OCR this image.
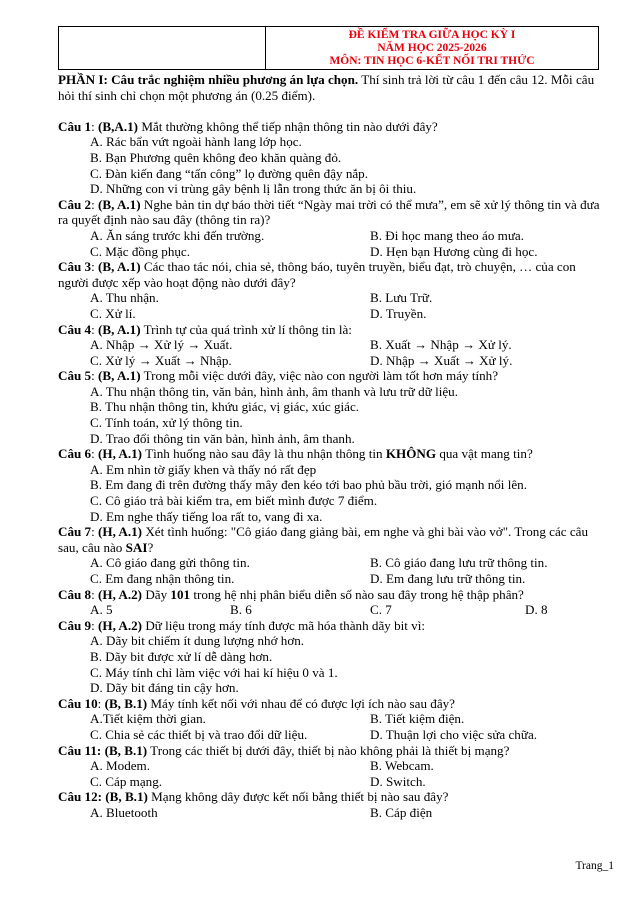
ĐỀ KIỂM TRA GIỮA HỌC KỲ I
NĂM HỌC 2025-2026
MÔN: TIN HỌC 6-KẾT NỐI TRI THỨC

PHẦN I: Câu trắc nghiệm nhiều phương án lựa chọn. Thí sinh trả lời từ câu 1 đến câu 12. Mỗi câu hỏi thí sinh chỉ chọn một phương án (0.25 điểm).

Câu 1: (B,A.1) Mắt thường không thể tiếp nhận thông tin nào dưới đây?

A. Rác bẩn vứt ngoài hành lang lớp học.

B. Bạn Phương quên không đeo khăn quàng đỏ.

C. Đàn kiến đang “tấn công” lọ đường quên đậy nắp.

D. Những con vi trùng gây bệnh lị lẫn trong thức ăn bị ôi thiu.

Câu 2: (B, A.1) Nghe bản tin dự báo thời tiết “Ngày mai trời có thể mưa”, em sẽ xử lý thông tin và đưa ra quyết định nào sau đây (thông tin ra)?

A. Ăn sáng trước khi đến trường.	B. Đi học mang theo áo mưa.
C. Mặc đồng phục.	D. Hẹn bạn Hương cùng đi học.

Câu 3: (B, A.1) Các thao tác nói, chia sẻ, thông báo, tuyên truyền, biểu đạt, trò chuyện, … của con người được xếp vào hoạt động nào dưới đây?

A. Thu nhận.	B. Lưu Trữ.
C. Xử lí.	D. Truyền.

Câu 4: (B, A.1) Trình tự của quá trình xử lí thông tin là:

A. Nhập → Xử lý → Xuất.	B. Xuất → Nhập → Xử lý.
C. Xử lý → Xuất → Nhập.	D. Nhập → Xuất → Xử lý.

Câu 5: (B, A.1) Trong mỗi việc dưới đây, việc nào con người làm tốt hơn máy tính?

A. Thu nhận thông tin, văn bản, hình ảnh, âm thanh và lưu trữ dữ liệu.

B. Thu nhận thông tin, khứu giác, vị giác, xúc giác.

C. Tính toán, xử lý thông tin.

D. Trao đổi thông tin văn bản, hình ảnh, âm thanh.

Câu 6: (H, A.1) Tình huống nào sau đây là thu nhận thông tin KHÔNG qua vật mang tin?

A. Em nhìn tờ giấy khen và thấy nó rất đẹp

B. Em đang đi trên đường thấy mây đen kéo tới bao phủ bầu trời, gió mạnh nổi lên.

C. Cô giáo trả bài kiểm tra, em biết mình được 7 điểm.

D. Em nghe thấy tiếng loa rất to, vang đi xa.

Câu 7: (H, A.1) Xét tình huống: "Cô giáo đang giảng bài, em nghe và ghi bài vào vở". Trong các câu sau, câu nào SAI?

A. Cô giáo đang gửi thông tin.	B. Cô giáo đang lưu trữ thông tin.
C. Em đang nhận thông tin.	D. Em đang lưu trữ thông tin.

Câu 8: (H, A.2) Dãy 101 trong hệ nhị phân biểu diễn số nào sau đây trong hệ thập phân?

A. 5	B. 6	C. 7	D. 8

Câu 9: (H, A.2) Dữ liệu trong máy tính được mã hóa thành dãy bit vì:

A. Dãy bit chiếm ít dung lượng nhớ hơn.

B. Dãy bit được xử lí dễ dàng hơn.

C. Máy tính chỉ làm việc với hai kí hiệu 0 và 1.

D. Dãy bit đáng tin cậy hơn.

Câu 10: (B, B.1) Máy tính kết nối với nhau để có được lợi ích nào sau đây?

A.Tiết kiệm thời gian.	B. Tiết kiệm điện.
C. Chia sẻ các thiết bị và trao đổi dữ liệu.	D. Thuận lợi cho việc sửa chữa.

Câu 11: (B, B.1) Trong các thiết bị dưới đây, thiết bị nào không phải là thiết bị mạng?

A. Modem.	B. Webcam.
C. Cáp mạng.	D. Switch.

Câu 12: (B, B.1) Mạng không dây được kết nối bằng thiết bị nào sau đây?

A. Bluetooth	B. Cáp điện
Trang_1
